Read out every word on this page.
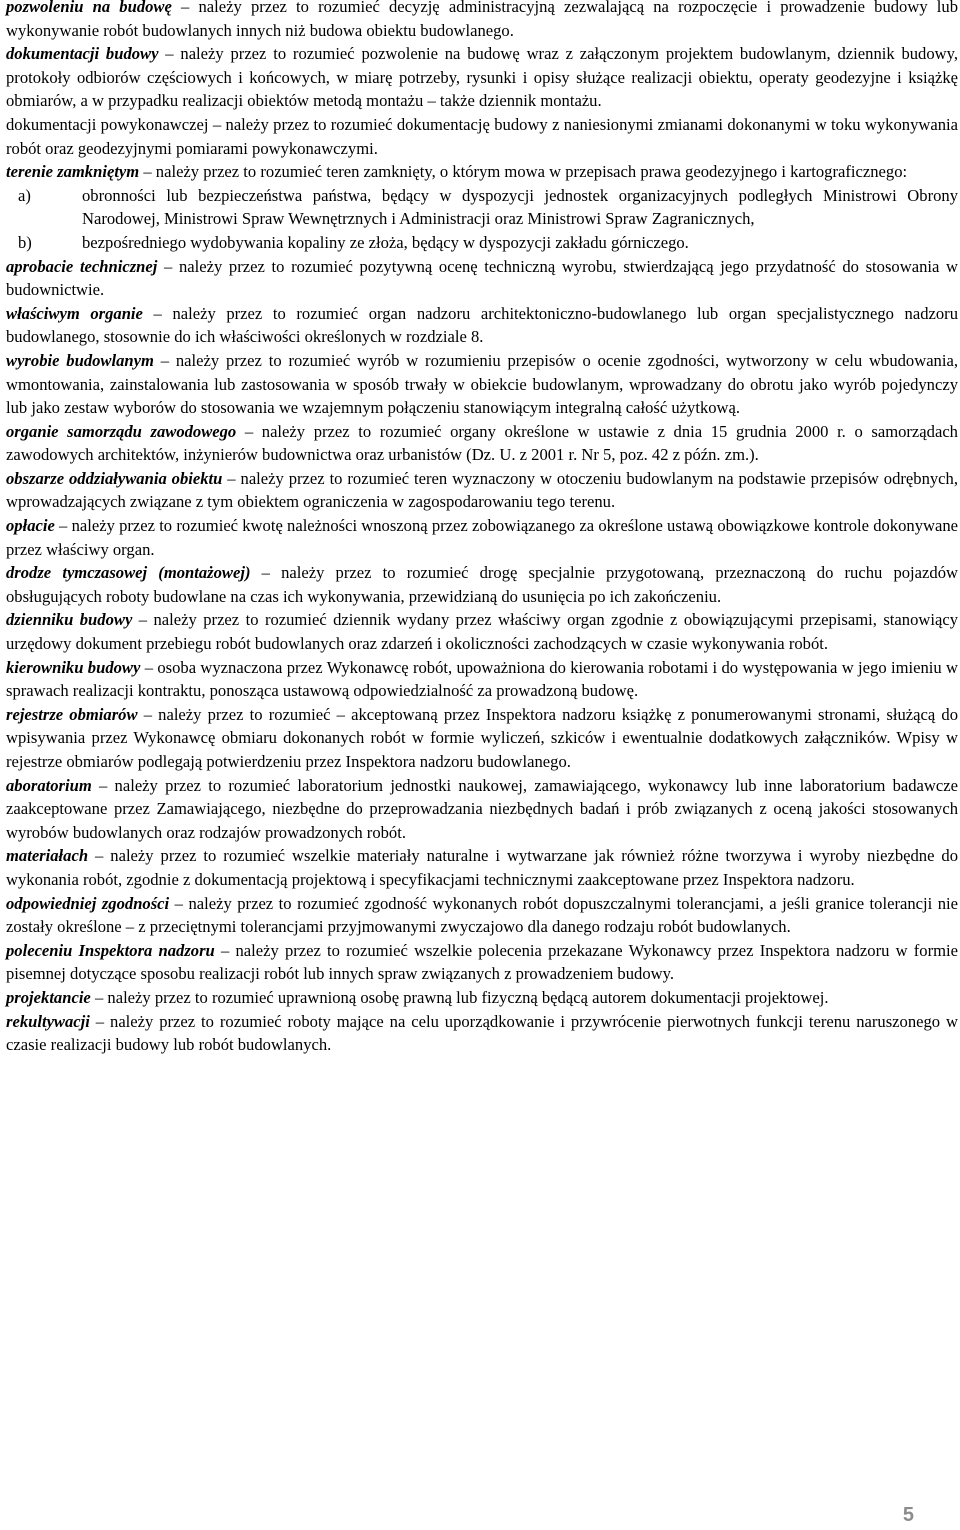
pozwoleniu na budowę – należy przez to rozumieć decyzję administracyjną zezwalającą na rozpoczęcie i prowadzenie budowy lub wykonywanie robót budowlanych innych niż budowa obiektu budowlanego.

dokumentacji budowy – należy przez to rozumieć pozwolenie na budowę wraz z załączonym projektem budowlanym, dziennik budowy, protokoły odbiorów częściowych i końcowych, w miarę potrzeby, rysunki i opisy służące realizacji obiektu, operaty geodezyjne i książkę obmiarów, a w przypadku realizacji obiektów metodą montażu – także dziennik montażu.

dokumentacji powykonawczej – należy przez to rozumieć dokumentację budowy z naniesionymi zmianami dokonanymi w toku wykonywania robót oraz geodezyjnymi pomiarami powykonawczymi.

terenie zamkniętym – należy przez to rozumieć teren zamknięty, o którym mowa w przepisach prawa geodezyjnego i kartograficznego:

a)	obronności lub bezpieczeństwa państwa, będący w dyspozycji jednostek organizacyjnych podległych Ministrowi Obrony Narodowej, Ministrowi Spraw Wewnętrznych i Administracji oraz Ministrowi Spraw Zagranicznych,
b)	bezpośredniego wydobywania kopaliny ze złoża, będący w dyspozycji zakładu górniczego.

aprobacie technicznej – należy przez to rozumieć pozytywną ocenę techniczną wyrobu, stwierdzającą jego przydatność do stosowania w budownictwie.

właściwym organie – należy przez to rozumieć organ nadzoru architektoniczno-budowlanego lub organ specjalistycznego nadzoru budowlanego, stosownie do ich właściwości określonych w rozdziale 8.

wyrobie budowlanym – należy przez to rozumieć wyrób w rozumieniu przepisów o ocenie zgodności, wytworzony w celu wbudowania, wmontowania, zainstalowania lub zastosowania w sposób trwały w obiekcie budowlanym, wprowadzany do obrotu jako wyrób pojedynczy lub jako zestaw wyborów do stosowania we wzajemnym połączeniu stanowiącym integralną całość użytkową.

organie samorządu zawodowego – należy przez to rozumieć organy określone w ustawie z dnia 15 grudnia 2000 r. o samorządach zawodowych architektów, inżynierów budownictwa oraz urbanistów (Dz. U. z 2001 r. Nr 5, poz. 42 z późn. zm.).

obszarze oddziaływania obiektu – należy przez to rozumieć teren wyznaczony w otoczeniu budowlanym na podstawie przepisów odrębnych, wprowadzających związane z tym obiektem ograniczenia w zagospodarowaniu tego terenu.

opłacie – należy przez to rozumieć kwotę należności wnoszoną przez zobowiązanego za określone ustawą obowiązkowe kontrole dokonywane przez właściwy organ.

drodze tymczasowej (montażowej) – należy przez to rozumieć drogę specjalnie przygotowaną, przeznaczoną do ruchu pojazdów obsługujących roboty budowlane na czas ich wykonywania, przewidzianą do usunięcia po ich zakończeniu.

dzienniku budowy – należy przez to rozumieć dziennik wydany przez właściwy organ zgodnie z obowiązującymi przepisami, stanowiący urzędowy dokument przebiegu robót budowlanych oraz zdarzeń i okoliczności zachodzących w czasie wykonywania robót.

kierowniku budowy – osoba wyznaczona przez Wykonawcę robót, upoważniona do kierowania robotami i do występowania w jego imieniu w sprawach realizacji kontraktu, ponosząca ustawową odpowiedzialność za prowadzoną budowę.

rejestrze obmiarów – należy przez to rozumieć – akceptowaną przez Inspektora nadzoru książkę z ponumerowanymi stronami, służącą do wpisywania przez Wykonawcę obmiaru dokonanych robót w formie wyliczeń, szkiców i ewentualnie dodatkowych załączników. Wpisy w rejestrze obmiarów podlegają potwierdzeniu przez Inspektora nadzoru budowlanego.

aboratorium – należy przez to rozumieć laboratorium jednostki naukowej, zamawiającego, wykonawcy lub inne laboratorium badawcze zaakceptowane przez Zamawiającego, niezbędne do przeprowadzania niezbędnych badań i prób związanych z oceną jakości stosowanych wyrobów budowlanych oraz rodzajów prowadzonych robót.

materiałach – należy przez to rozumieć wszelkie materiały naturalne i wytwarzane jak również różne tworzywa i wyroby niezbędne do wykonania robót, zgodnie z dokumentacją projektową i specyfikacjami technicznymi zaakceptowane przez Inspektora nadzoru.

odpowiedniej zgodności – należy przez to rozumieć zgodność wykonanych robót dopuszczalnymi tolerancjami, a jeśli granice tolerancji nie zostały określone – z przeciętnymi tolerancjami przyjmowanymi zwyczajowo dla danego rodzaju robót budowlanych.

poleceniu Inspektora nadzoru – należy przez to rozumieć wszelkie polecenia przekazane Wykonawcy przez Inspektora nadzoru w formie pisemnej dotyczące sposobu realizacji robót lub innych spraw związanych z prowadzeniem budowy.

projektancie – należy przez to rozumieć uprawnioną osobę prawną lub fizyczną będącą autorem dokumentacji projektowej.

rekultywacji – należy przez to rozumieć roboty mające na celu uporządkowanie i przywrócenie pierwotnych funkcji terenu naruszonego w czasie realizacji budowy lub robót budowlanych.

5
